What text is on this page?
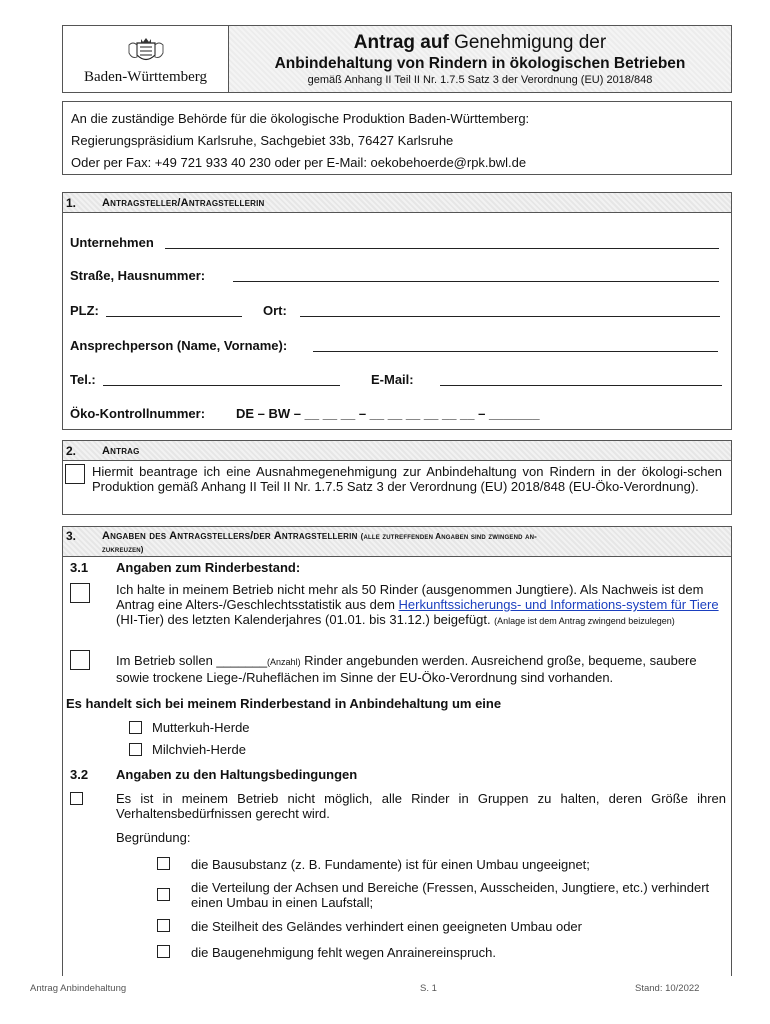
Baden-Württemberg
Antrag auf Genehmigung der
Anbindehaltung von Rindern in ökologischen Betrieben
gemäß Anhang II Teil II Nr. 1.7.5 Satz 3 der Verordnung (EU) 2018/848
An die zuständige Behörde für die ökologische Produktion Baden-Württemberg:
Regierungspräsidium Karlsruhe, Sachgebiet 33b, 76427 Karlsruhe
Oder per Fax: +49 721 933 40 230 oder per E-Mail: oekobehoerde@rpk.bwl.de
1.	Antragsteller/Antragstellerin
Unternehmen
Straße, Hausnummer:
PLZ:	Ort:
Ansprechperson (Name, Vorname):
Tel.:	E-Mail:
Öko-Kontrollnummer: DE – BW – __ __ __ – __ __ __ __ __ __ – _______
2.	Antrag
Hiermit beantrage ich eine Ausnahmegenehmigung zur Anbindehaltung von Rindern in der ökologi-schen Produktion gemäß Anhang II Teil II Nr. 1.7.5 Satz 3 der Verordnung (EU) 2018/848 (EU-Öko-Verordnung).
3.	Angaben des Antragstellers/der Antragstellerin (alle zutreffenden Angaben sind zwingend an-
zukreuzen)
3.1 Angaben zum Rinderbestand:
Ich halte in meinem Betrieb nicht mehr als 50 Rinder (ausgenommen Jungtiere). Als Nachweis ist dem Antrag eine Alters-/Geschlechtsstatistik aus dem Herkunftssicherungs- und Informations-system für Tiere (HI-Tier) des letzten Kalenderjahres (01.01. bis 31.12.) beigefügt. (Anlage ist dem Antrag zwingend beizulegen)
Im Betrieb sollen _______(Anzahl) Rinder angebunden werden. Ausreichend große, bequeme, saubere sowie trockene Liege-/Ruheflächen im Sinne der EU-Öko-Verordnung sind vorhanden.
Es handelt sich bei meinem Rinderbestand in Anbindehaltung um eine
Mutterkuh-Herde
Milchvieh-Herde
3.2 Angaben zu den Haltungsbedingungen
Es ist in meinem Betrieb nicht möglich, alle Rinder in Gruppen zu halten, deren Größe ihren Verhaltensbedürfnissen gerecht wird.
Begründung:
die Bausubstanz (z. B. Fundamente) ist für einen Umbau ungeeignet;
die Verteilung der Achsen und Bereiche (Fressen, Ausscheiden, Jungtiere, etc.) verhindert einen Umbau in einen Laufstall;
die Steilheit des Geländes verhindert einen geeigneten Umbau oder
die Baugenehmigung fehlt wegen Anrainereinspruch.
Antrag Anbindehaltung	S. 1	Stand: 10/2022
